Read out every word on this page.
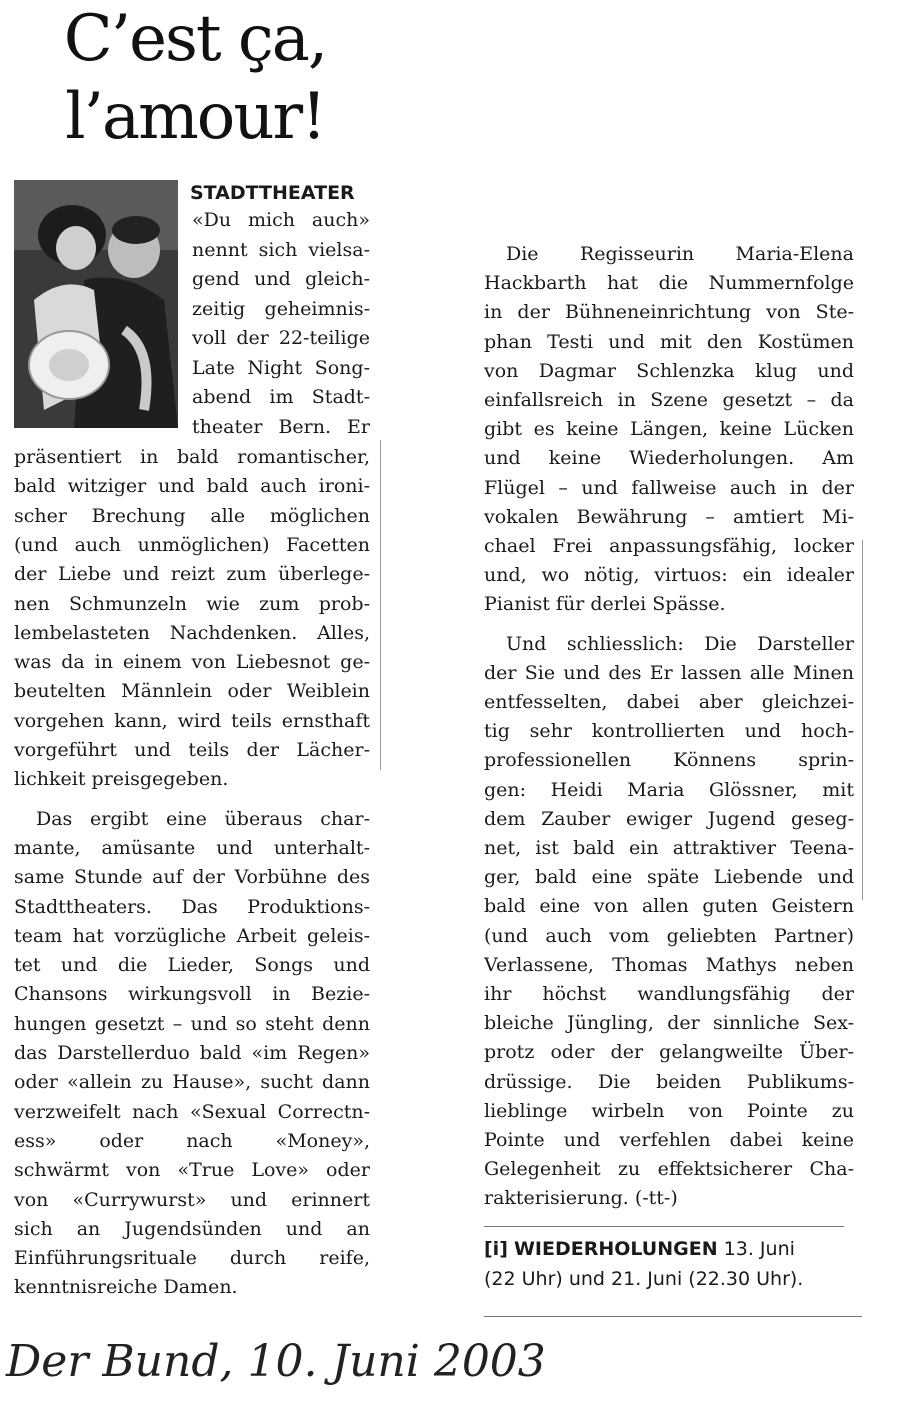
C’est ça,
l’amour!
STADTTHEATER
«Du mich auch»
nennt sich vielsa-
gend und gleich-
zeitig geheimnis-
voll der 22-teilige
Late Night Song-
abend im Stadt-
theater Bern. Er
präsentiert in bald romantischer,
bald witziger und bald auch ironi-
scher Brechung alle möglichen
(und auch unmöglichen) Facetten
der Liebe und reizt zum überlege-
nen Schmunzeln wie zum prob-
lembelasteten Nachdenken. Alles,
was da in einem von Liebesnot ge-
beutelten Männlein oder Weiblein
vorgehen kann, wird teils ernsthaft
vorgeführt und teils der Lächer-
lichkeit preisgegeben.
Das ergibt eine überaus char-
mante, amüsante und unterhalt-
same Stunde auf der Vorbühne des
Stadttheaters. Das Produktions-
team hat vorzügliche Arbeit geleis-
tet und die Lieder, Songs und
Chansons wirkungsvoll in Bezie-
hungen gesetzt – und so steht denn
das Darstellerduo bald «im Regen»
oder «allein zu Hause», sucht dann
verzweifelt nach «Sexual Correctn-
ess» oder nach «Money»,
schwärmt von «True Love» oder
von «Currywurst» und erinnert
sich an Jugendsünden und an
Einführungsrituale durch reife,
kenntnisreiche Damen.
Die Regisseurin Maria-Elena
Hackbarth hat die Nummernfolge
in der Bühneneinrichtung von Ste-
phan Testi und mit den Kostümen
von Dagmar Schlenzka klug und
einfallsreich in Szene gesetzt – da
gibt es keine Längen, keine Lücken
und keine Wiederholungen. Am
Flügel – und fallweise auch in der
vokalen Bewährung – amtiert Mi-
chael Frei anpassungsfähig, locker
und, wo nötig, virtuos: ein idealer
Pianist für derlei Spässe.
Und schliesslich: Die Darsteller
der Sie und des Er lassen alle Minen
entfesselten, dabei aber gleichzei-
tig sehr kontrollierten und hoch-
professionellen Könnens sprin-
gen: Heidi Maria Glössner, mit
dem Zauber ewiger Jugend geseg-
net, ist bald ein attraktiver Teena-
ger, bald eine späte Liebende und
bald eine von allen guten Geistern
(und auch vom geliebten Partner)
Verlassene, Thomas Mathys neben
ihr höchst wandlungsfähig der
bleiche Jüngling, der sinnliche Sex-
protz oder der gelangweilte Über-
drüssige. Die beiden Publikums-
lieblinge wirbeln von Pointe zu
Pointe und verfehlen dabei keine
Gelegenheit zu effektsicherer Cha-
rakterisierung. (-tt-)
[i] WIEDERHOLUNGEN 13. Juni
(22 Uhr) und 21. Juni (22.30 Uhr).
Der Bund, 10. Juni 2003
